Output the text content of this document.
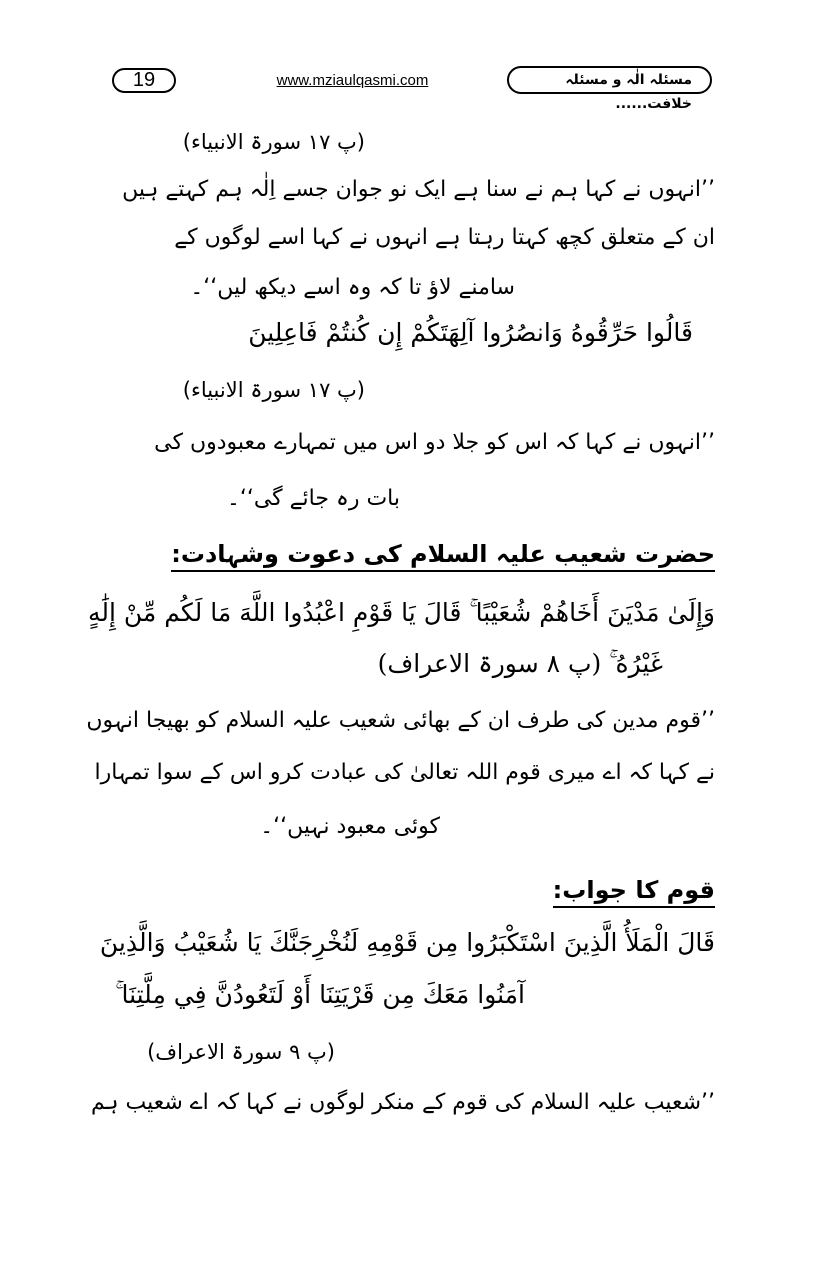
19	www.mziaulqasmi.com	مسئلہ الٰہ و مسئلہ خلافت......
(پ ۱۷ سورۃ الانبیاء)
’’انہوں نے کہا ہم نے سنا ہے ایک نو جوان جسے اِلٰہ ہم کہتے ہیں
ان کے متعلق کچھ کہتا رہتا ہے انہوں نے کہا اسے لوگوں کے
سامنے لاؤ تا کہ وہ اسے دیکھ لیں‘‘۔
قَالُوا حَرِّقُوهُ وَانصُرُوا آلِهَتَكُمْ إِن كُنتُمْ فَاعِلِينَ
(پ ۱۷ سورۃ الانبیاء)
’’انہوں نے کہا کہ اس کو جلا دو اس میں تمہارے معبودوں کی
بات رہ جائے گی‘‘۔
حضرت شعیب علیہ السلام کی دعوت وشہادت:
وَإِلَىٰ مَدْيَنَ أَخَاهُمْ شُعَيْبًا ۚ قَالَ يَا قَوْمِ اعْبُدُوا اللَّهَ مَا لَكُم مِّنْ إِلَٰهٍ
غَيْرُهُ ۚ (پ ۸ سورۃ الاعراف)
’’قوم مدین کی طرف ان کے بھائی شعیب علیہ السلام کو بھیجا انہوں
نے کہا کہ اے میری قوم اللہ تعالیٰ کی عبادت کرو اس کے سوا تمہارا
کوئی معبود نہیں‘‘۔
قوم کا جواب:
قَالَ الْمَلَأُ الَّذِينَ اسْتَكْبَرُوا مِن قَوْمِهِ لَنُخْرِجَنَّكَ يَا شُعَيْبُ وَالَّذِينَ
آمَنُوا مَعَكَ مِن قَرْيَتِنَا أَوْ لَتَعُودُنَّ فِي مِلَّتِنَا ۚ
(پ ۹ سورۃ الاعراف)
’’شعیب علیہ السلام کی قوم کے منکر لوگوں نے کہا کہ اے شعیب ہم
